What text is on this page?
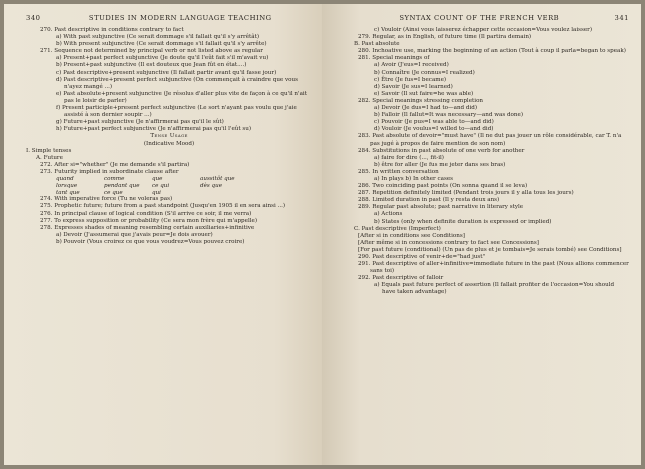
340	STUDIES IN MODERN LANGUAGE TEACHING
270. Past descriptive in conditions contrary to fact
a) With past subjunctive (Ce serait dommage s'il fallait qu'il s'y arrêtât)
b) With present subjunctive (Ce serait dommage s'il fallait qu'il s'y arrête)
271. Sequence not determined by principal verb or not listed above as regular
a) Present+past perfect subjunctive (Je doute qu'il l'eût fait s'il m'avait vu)
b) Present+past subjunctive (Il est douteux que Jean fût en état....)
c) Past descriptive+present subjunctive (Il fallait partir avant qu'il fasse jour)
d) Past descriptive+present perfect subjunctive (On commençait à craindre que vous n'ayez mangé ...)
e) Past absolute+present subjunctive (Je résolus d'aller plus vite de façon à ce qu'il n'ait pas le loisir de parler)
f) Present participle+present perfect subjunctive (Le sort n'ayant pas voulu que j'aie assisté à son dernier soupir ...)
g) Future+past subjunctive (Je n'affirmerai pas qu'il le sût)
h) Future+past perfect subjunctive (Je n'affirmerai pas qu'il l'eût su)
Tense Usage
(Indicative Mood)
I. Simple tenses
A. Future
272. After si="whether" (Je me demande s'il partira)
273. Futurity implied in subordinate clause after
quand	comme	que	aussitôt que
lorsque	pendant que	ce qui	dès que
tant que	ce que	qui
274. With imperative force (Tu ne voleras pas)
275. Prophetic future; future from a past standpoint (Jusqu'en 1905 il en sera ainsi ...)
276. In principal clause of logical condition (S'il arrive ce soir, il me verra)
277. To express supposition or probability (Ce sera mon frère qui m'appelle)
278. Expresses shades of meaning resembling certain auxiliaries+infinitive
a) Devoir (J'assumerai que j'avais peur=Je dois avouer)
b) Pouvoir (Vous croirez ce que vous voudrez=Vous pouvez croire)
SYNTAX COUNT OF THE FRENCH VERB	341
c) Vouloir (Ainsi vous laisserez échapper cette occasion=Vous voulez laisser)
279. Regular, as in English, of future time (Il partira demain)
B. Past absolute
280. Inchoative use, marking the beginning of an action (Tout à coup il parla=began to speak)
281. Special meanings of
a) Avoir (J'eus=I received)
b) Connaître (Je connus=I realized)
c) Être (Je fus=I became)
d) Savoir (Je sus=I learned)
e) Savoir (Il sut faire=he was able)
282. Special meanings stressing completion
a) Devoir (Je dus=I had to—and did)
b) Falloir (Il fallut=It was necessary—and was done)
c) Pouvoir (Je pus=I was able to—and did)
d) Vouloir (Je voulus=I willed to—and did)
283. Past absolute of devoir="must have" (Il ne dut pas jouer un rôle considérable, car T. n'a pas jugé à propos de faire mention de son nom)
284. Substitutions in past absolute of one verb for another
a) faire for dire (..., fit-il)
b) être for aller (Je fus me jeter dans ses bras)
285. In written conversation
a) In plays b) In other cases
286. Two coinciding past points (On sonna quand il se leva)
287. Repetition definitely limited (Pendant trois jours il y alla tous les jours)
288. Limited duration in past (Il y resta deux ans)
289. Regular past absolute; past narrative in literary style
a) Actions
b) States (only when definite duration is expressed or implied)
C. Past descriptive (Imperfect)
[After si in conditions see Conditions]
[After même si in concessions contrary to fact see Concessions]
[For past future (conditional) (Un pas de plus et je tombais=Je serais tombé) see Conditions]
290. Past descriptive of venir+de="had just"
291. Past descriptive of aller+infinitive=immediate future in the past (Nous allions commencer sans toi)
292. Past descriptive of falloir
a) Equals past future perfect of assertion (Il fallait profiter de l'occasion=You should have taken advantage)
